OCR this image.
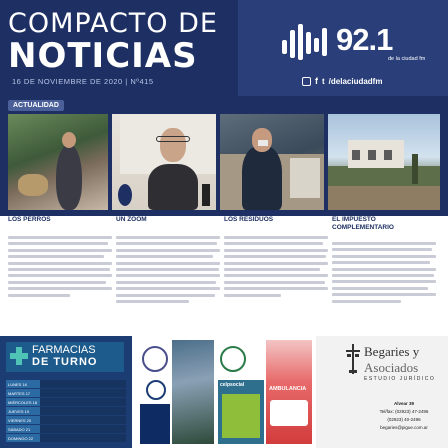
COMPACTO DE
NOTICIAS
16 DE NOVIEMBRE DE 2020 | Nº415
92.1
de la ciudad fm
f t /delaciudadfm
ACTUALIDAD
LOS PERROS	UN ZOOM	LOS RESIDUOS	EL IMPUESTO
COMPLEMENTARIO
FARMACIAS
DE TURNO
LUNES 16
MARTES 17
MIÉRCOLES 18
JUEVES 19
VIERNES 20
SÁBADO 21
DOMINGO 22
celpsocial
AMBULANCIA
Begaries y
Asociados
ESTUDIO JURÍDICO
Alvear 39
Tel/fax: (02923) 47-2496
(02923) 40-2496
begaries@pigue.com.ar
